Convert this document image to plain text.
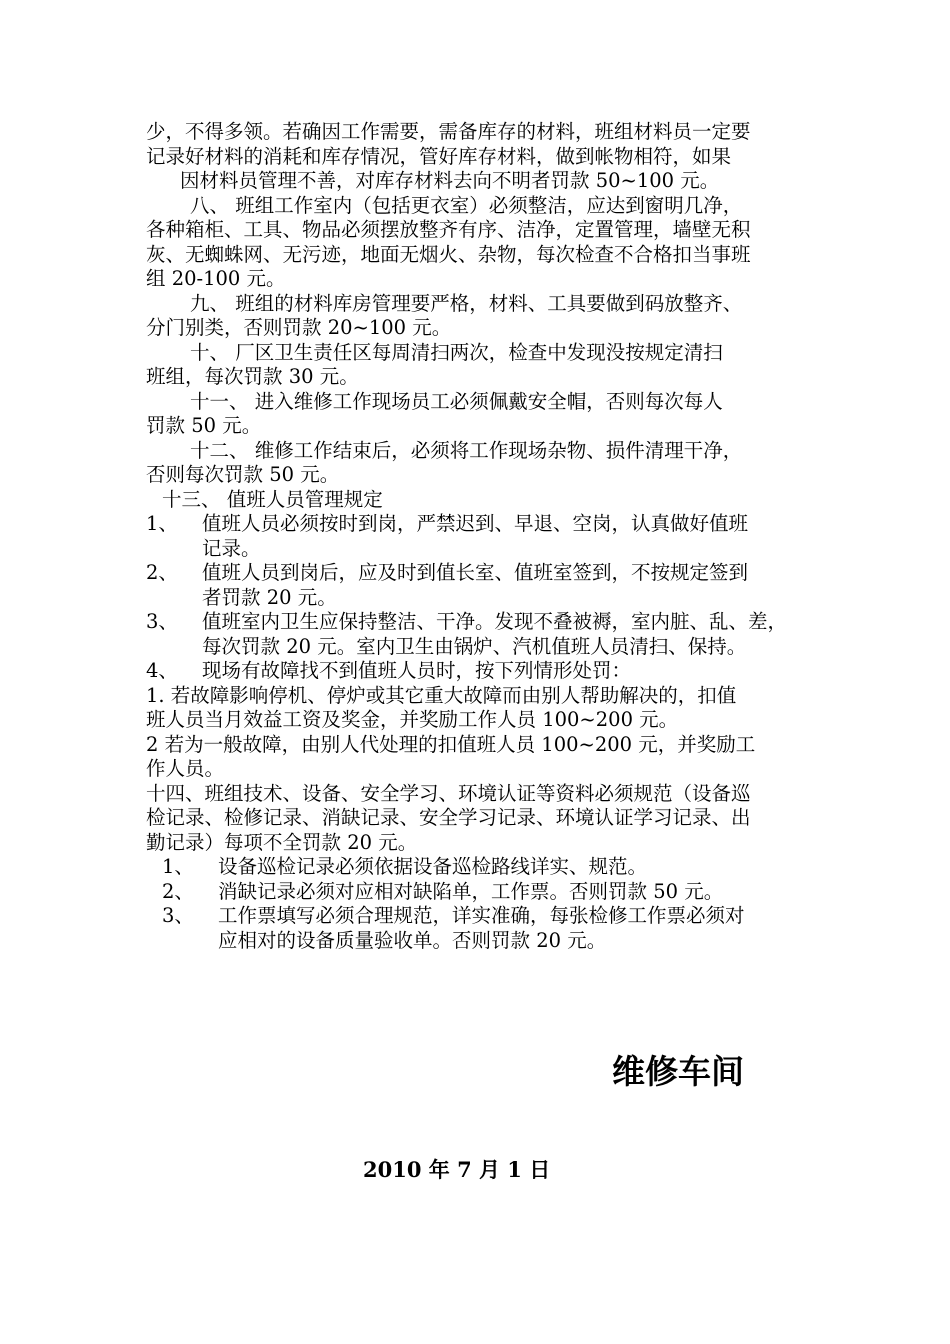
少，不得多领。若确因工作需要，需备库存的材料，班组材料员一定要
记录好材料的消耗和库存情况，管好库存材料，做到帐物相符，如果
因材料员管理不善，对库存材料去向不明者罚款 50~100 元。
八、 班组工作室内（包括更衣室）必须整洁，应达到窗明几净，
各种箱柜、工具、物品必须摆放整齐有序、洁净，定置管理，墙壁无积
灰、无蜘蛛网、无污迹，地面无烟火、杂物，每次检查不合格扣当事班
组 20-100 元。
九、 班组的材料库房管理要严格，材料、工具要做到码放整齐、
分门别类，否则罚款 20~100 元。
十、 厂区卫生责任区每周清扫两次，检查中发现没按规定清扫
班组，每次罚款 30 元。
十一、 进入维修工作现场员工必须佩戴安全帽，否则每次每人
罚款 50 元。
十二、 维修工作结束后，必须将工作现场杂物、损件清理干净，
否则每次罚款 50 元。
十三、 值班人员管理规定
1、 值班人员必须按时到岗，严禁迟到、早退、空岗，认真做好值班
记录。
2、 值班人员到岗后，应及时到值长室、值班室签到，不按规定签到
者罚款 20 元。
3、 值班室内卫生应保持整洁、干净。发现不叠被褥，室内脏、乱、差，
每次罚款 20 元。室内卫生由锅炉、汽机值班人员清扫、保持。
4、 现场有故障找不到值班人员时，按下列情形处罚：
1. 若故障影响停机、停炉或其它重大故障而由别人帮助解决的，扣值
班人员当月效益工资及奖金，并奖励工作人员 100~200 元。
2 若为一般故障，由别人代处理的扣值班人员 100~200 元，并奖励工
作人员。
十四、班组技术、设备、安全学习、环境认证等资料必须规范（设备巡
检记录、检修记录、消缺记录、安全学习记录、环境认证学习记录、出
勤记录）每项不全罚款 20 元。
1、 设备巡检记录必须依据设备巡检路线详实、规范。
2、 消缺记录必须对应相对缺陷单，工作票。否则罚款 50 元。
3、 工作票填写必须合理规范，详实准确，每张检修工作票必须对
应相对的设备质量验收单。否则罚款 20 元。
维修车间
2010 年 7 月 1 日
